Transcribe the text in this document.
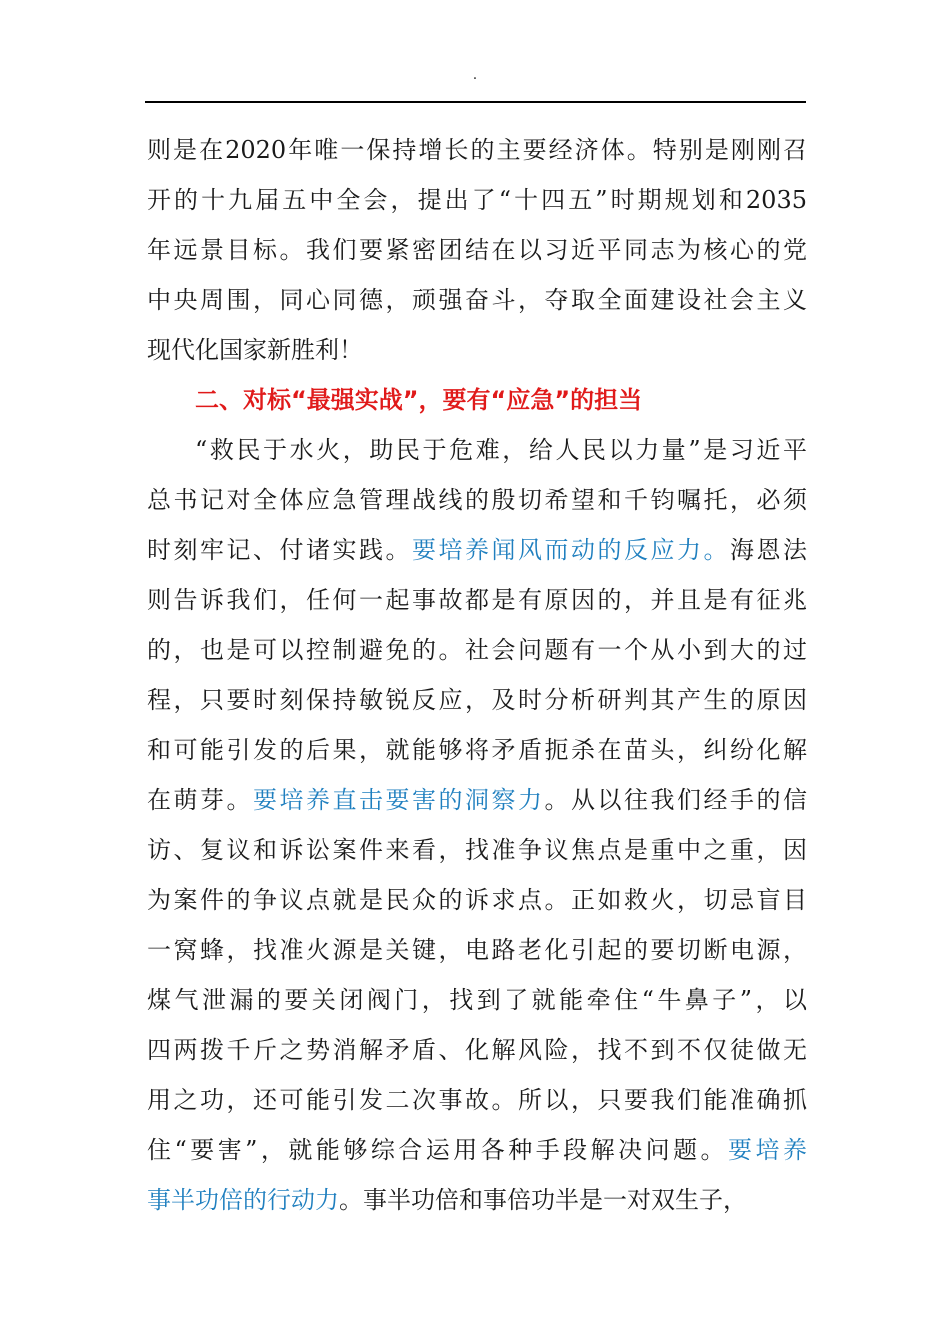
.
则是在2020年唯一保持增长的主要经济体。特别是刚刚召
开的十九届五中全会，提出了“十四五”时期规划和2035
年远景目标。我们要紧密团结在以习近平同志为核心的党
中央周围，同心同德，顽强奋斗，夺取全面建设社会主义
现代化国家新胜利！
二、对标“最强实战”，要有“应急”的担当
“救民于水火，助民于危难，给人民以力量”是习近平
总书记对全体应急管理战线的殷切希望和千钧嘱托，必须
时刻牢记、付诸实践。要培养闻风而动的反应力。海恩法
则告诉我们，任何一起事故都是有原因的，并且是有征兆
的，也是可以控制避免的。社会问题有一个从小到大的过
程，只要时刻保持敏锐反应，及时分析研判其产生的原因
和可能引发的后果，就能够将矛盾扼杀在苗头，纠纷化解
在萌芽。要培养直击要害的洞察力。从以往我们经手的信
访、复议和诉讼案件来看，找准争议焦点是重中之重，因
为案件的争议点就是民众的诉求点。正如救火，切忌盲目
一窝蜂，找准火源是关键，电路老化引起的要切断电源，
煤气泄漏的要关闭阀门，找到了就能牵住“牛鼻子”，以
四两拨千斤之势消解矛盾、化解风险，找不到不仅徒做无
用之功，还可能引发二次事故。所以，只要我们能准确抓
住“要害”，就能够综合运用各种手段解决问题。要培养
事半功倍的行动力。事半功倍和事倍功半是一对双生子，
